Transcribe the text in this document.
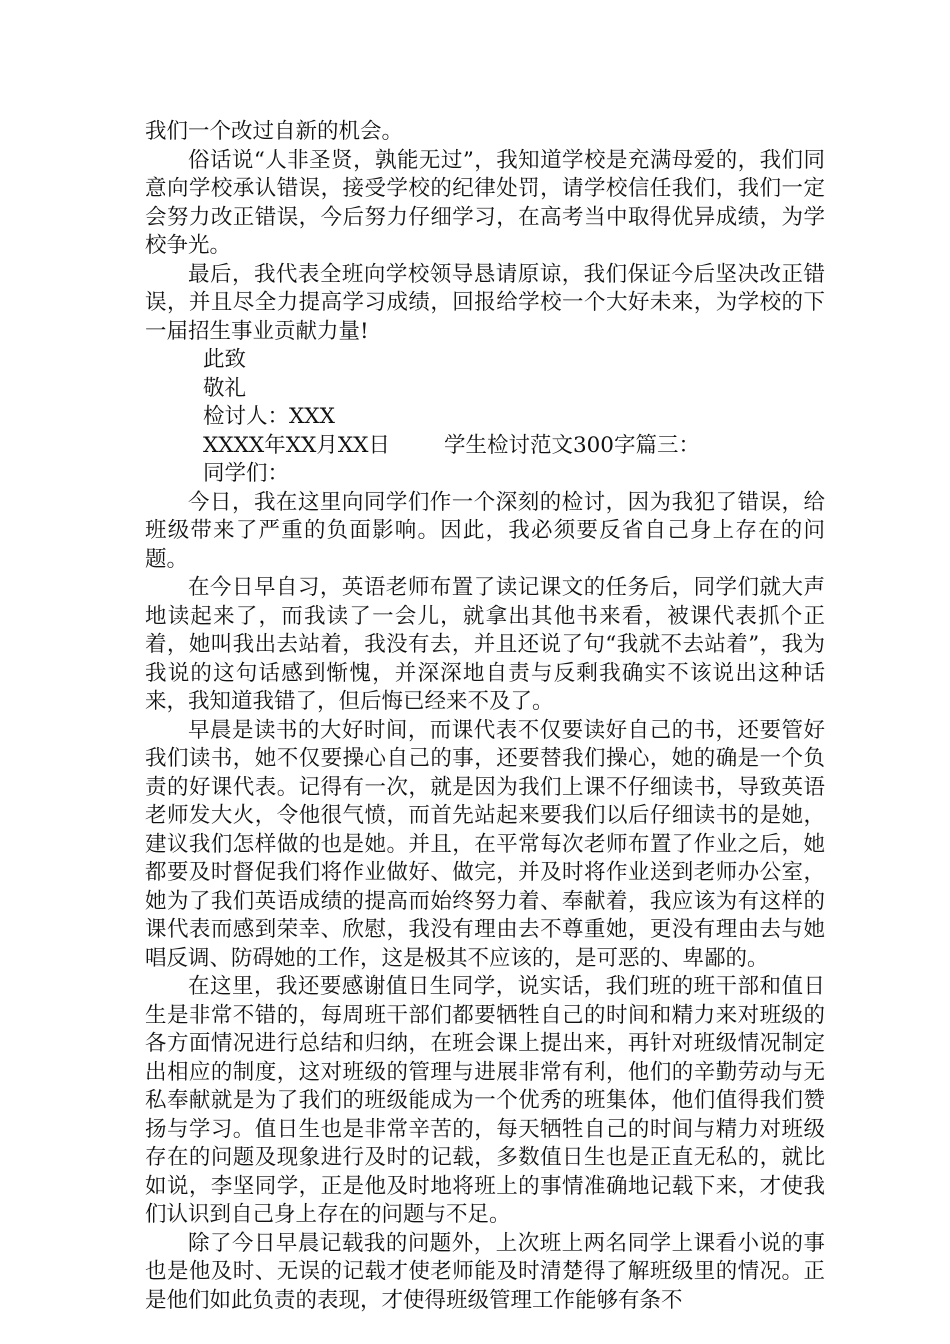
我们一个改过自新的机会。

俗话说“人非圣贤，孰能无过”，我知道学校是充满母爱的，我们同意向学校承认错误，接受学校的纪律处罚，请学校信任我们，我们一定会努力改正错误，今后努力仔细学习，在高考当中取得优异成绩，为学校争光。

最后，我代表全班向学校领导恳请原谅，我们保证今后坚决改正错误，并且尽全力提高学习成绩，回报给学校一个大好未来，为学校的下一届招生事业贡献力量!

此致

敬礼

检讨人：XXX

XXXX年XX月XX日	学生检讨范文300字篇三：

同学们：

今日，我在这里向同学们作一个深刻的检讨，因为我犯了错误，给班级带来了严重的负面影响。因此，我必须要反省自己身上存在的问题。

在今日早自习，英语老师布置了读记课文的任务后，同学们就大声地读起来了，而我读了一会儿，就拿出其他书来看，被课代表抓个正着，她叫我出去站着，我没有去，并且还说了句“我就不去站着”，我为我说的这句话感到惭愧，并深深地自责与反剩我确实不该说出这种话来，我知道我错了，但后悔已经来不及了。

早晨是读书的大好时间，而课代表不仅要读好自己的书，还要管好我们读书，她不仅要操心自己的事，还要替我们操心，她的确是一个负责的好课代表。记得有一次，就是因为我们上课不仔细读书，导致英语老师发大火，令他很气愤，而首先站起来要我们以后仔细读书的是她，建议我们怎样做的也是她。并且，在平常每次老师布置了作业之后，她都要及时督促我们将作业做好、做完，并及时将作业送到老师办公室，她为了我们英语成绩的提高而始终努力着、奉献着，我应该为有这样的课代表而感到荣幸、欣慰，我没有理由去不尊重她，更没有理由去与她唱反调、防碍她的工作，这是极其不应该的，是可恶的、卑鄙的。

在这里，我还要感谢值日生同学，说实话，我们班的班干部和值日生是非常不错的，每周班干部们都要牺牲自己的时间和精力来对班级的各方面情况进行总结和归纳，在班会课上提出来，再针对班级情况制定出相应的制度，这对班级的管理与进展非常有利，他们的辛勤劳动与无私奉献就是为了我们的班级能成为一个优秀的班集体，他们值得我们赞扬与学习。值日生也是非常辛苦的，每天牺牲自己的时间与精力对班级存在的问题及现象进行及时的记载，多数值日生也是正直无私的，就比如说，李坚同学，正是他及时地将班上的事情准确地记载下来，才使我们认识到自己身上存在的问题与不足。

除了今日早晨记载我的问题外，上次班上两名同学上课看小说的事也是他及时、无误的记载才使老师能及时清楚得了解班级里的情况。正是他们如此负责的表现，才使得班级管理工作能够有条不
